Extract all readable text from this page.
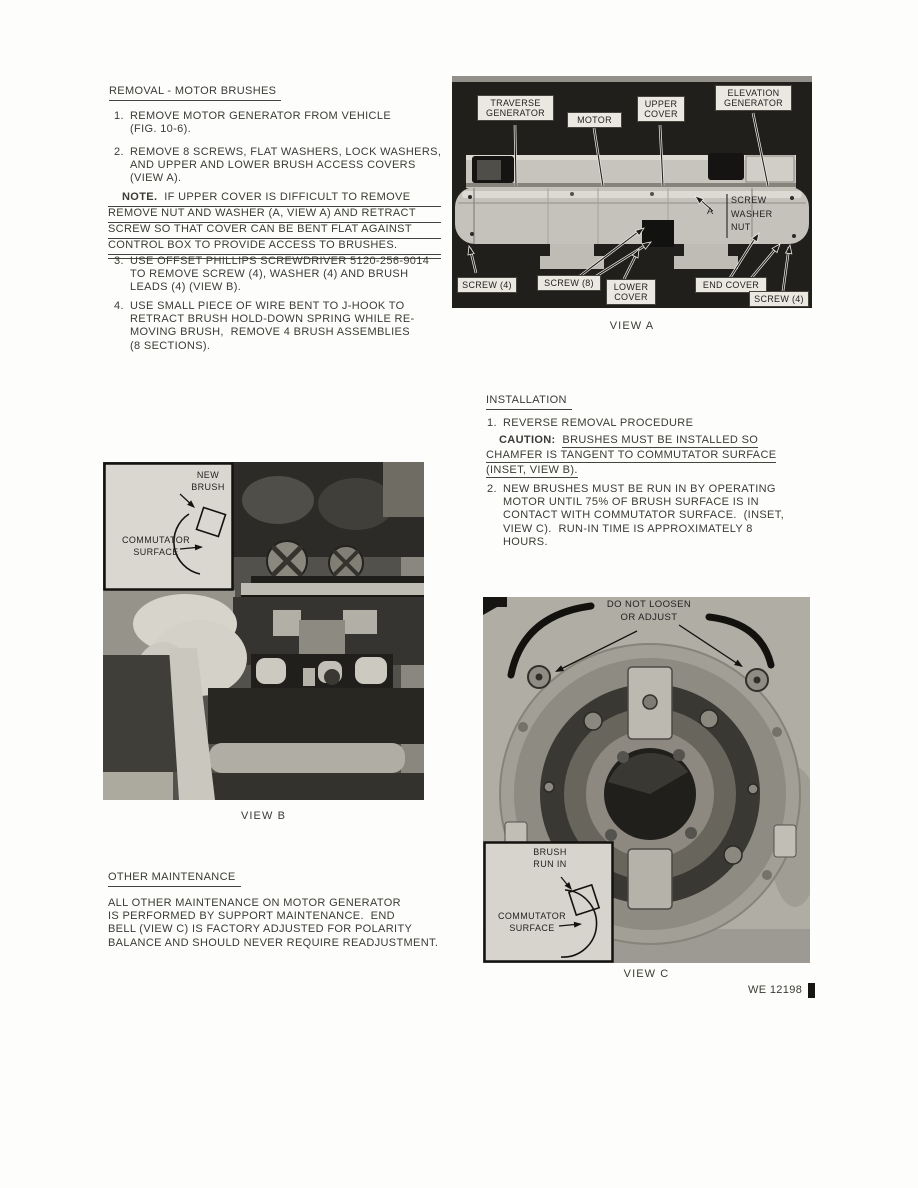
REMOVAL - MOTOR BRUSHES
1. REMOVE MOTOR GENERATOR FROM VEHICLE
(FIG. 10-6).
2. REMOVE 8 SCREWS, FLAT WASHERS, LOCK WASHERS,
AND UPPER AND LOWER BRUSH ACCESS COVERS
(VIEW A).
NOTE. IF UPPER COVER IS DIFFICULT TO REMOVE
REMOVE NUT AND WASHER (A, VIEW A) AND RETRACT
SCREW SO THAT COVER CAN BE BENT FLAT AGAINST
CONTROL BOX TO PROVIDE ACCESS TO BRUSHES.
3. USE OFFSET PHILLIPS SCREWDRIVER 5120-256-9014
TO REMOVE SCREW (4), WASHER (4) AND BRUSH
LEADS (4) (VIEW B).
4. USE SMALL PIECE OF WIRE BENT TO J-HOOK TO
RETRACT BRUSH HOLD-DOWN SPRING WHILE RE-
MOVING BRUSH,  REMOVE 4 BRUSH ASSEMBLIES
(8 SECTIONS).
INSTALLATION
1. REVERSE REMOVAL PROCEDURE
CAUTION: BRUSHES MUST BE INSTALLED SO
CHAMFER IS TANGENT TO COMMUTATOR SURFACE
(INSET, VIEW B).
2. NEW BRUSHES MUST BE RUN IN BY OPERATING
MOTOR UNTIL 75% OF BRUSH SURFACE IS IN
CONTACT WITH COMMUTATOR SURFACE.  (INSET,
VIEW C).  RUN-IN TIME IS APPROXIMATELY 8
HOURS.
OTHER MAINTENANCE
ALL OTHER MAINTENANCE ON MOTOR GENERATOR
IS PERFORMED BY SUPPORT MAINTENANCE.  END
BELL (VIEW C) IS FACTORY ADJUSTED FOR POLARITY
BALANCE AND SHOULD NEVER REQUIRE READJUSTMENT.
TRAVERSE
GENERATOR
MOTOR
UPPER
COVER
ELEVATION
GENERATOR
A
SCREW
WASHER
NUT
SCREW (4)	SCREW (8)	LOWER
COVER
END COVER
SCREW (4)
VIEW A
NEW
BRUSH
COMMUTATOR
SURFACE
VIEW B
DO NOT LOOSEN
OR ADJUST
BRUSH
RUN IN
COMMUTATOR
SURFACE
VIEW C
WE 12198
